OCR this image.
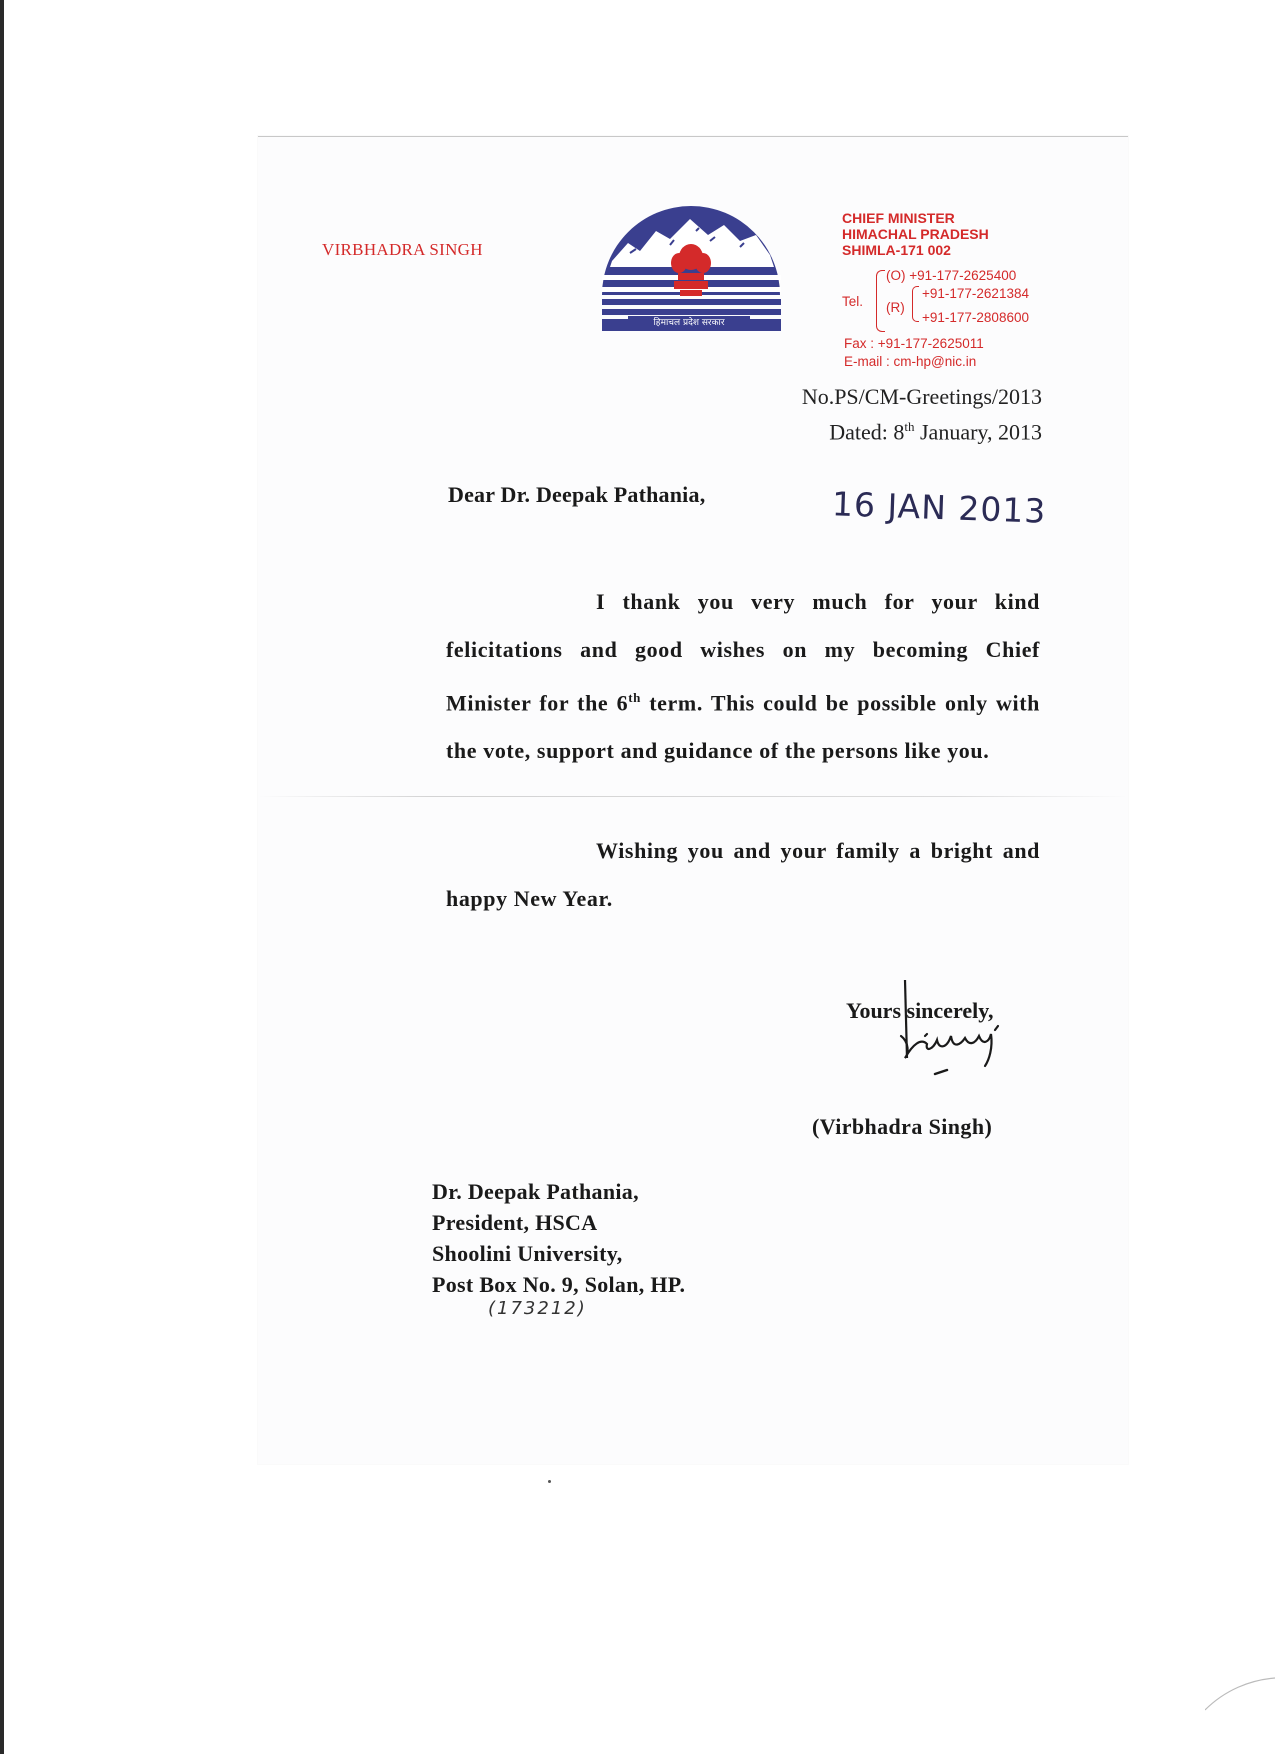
VIRBHADRA SINGH
हिमाचल प्रदेश सरकार
CHIEF MINISTER
HIMACHAL PRADESH
SHIMLA-171 002
Tel.
(O) +91-177-2625400
(R)
+91-177-2621384
+91-177-2808600
Fax : +91-177-2625011
E-mail : cm-hp@nic.in
No.PS/CM-Greetings/2013
Dated: 8th January, 2013
Dear Dr. Deepak Pathania,	16 JAN 2013
I thank you very much for your kind felicitations and good wishes on my becoming Chief Minister for the 6th term. This could be possible only with the vote, support and guidance of the persons like you.
Wishing you and your family a bright and happy New Year.
Yours sincerely,
(Virbhadra Singh)
Dr. Deepak Pathania,
President, HSCA
Shoolini University,
Post Box No. 9, Solan, HP.
(173212)
